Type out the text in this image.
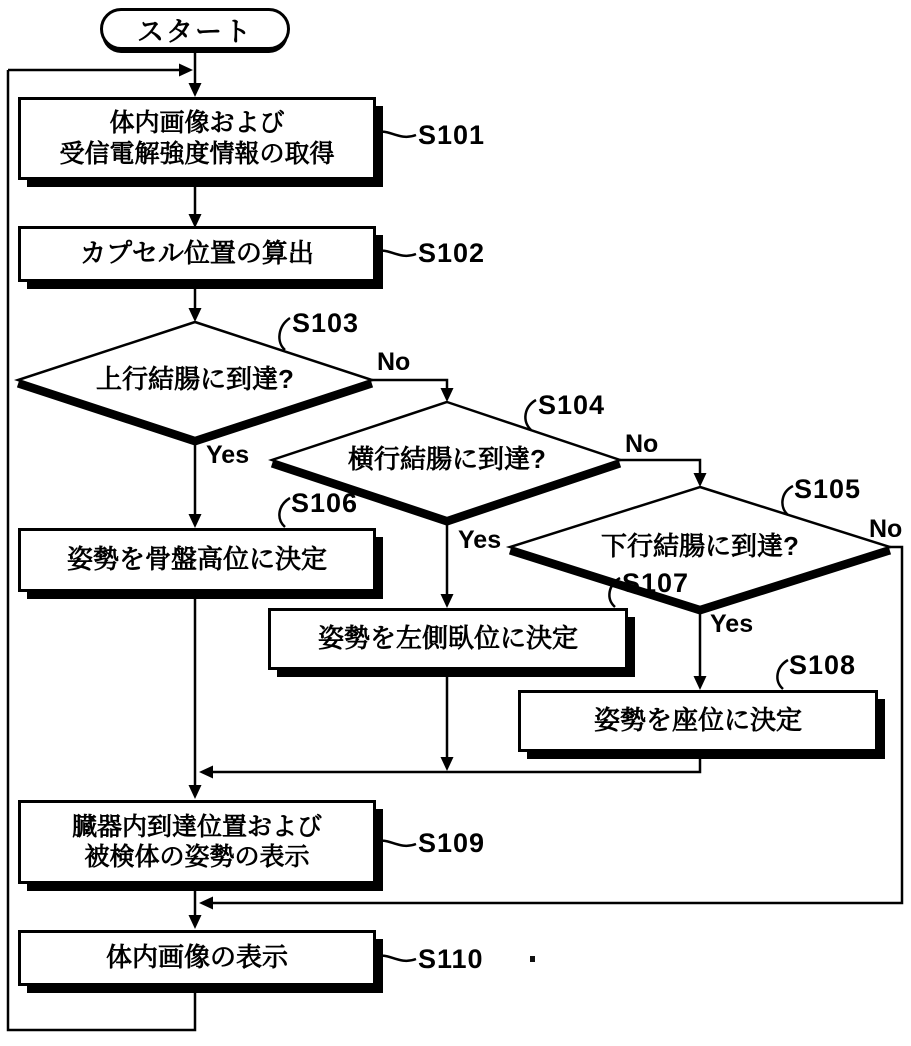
スタート
体内画像および
受信電解強度情報の取得
カプセル位置の算出
姿勢を骨盤高位に決定
姿勢を左側臥位に決定
姿勢を座位に決定
臓器内到達位置および
被検体の姿勢の表示
体内画像の表示
上行結腸に到達?
横行結腸に到達?
下行結腸に到達?
S101
S102
S103
S104
S105
S106
S107
S108
S109
S110
No
Yes	No
Yes	No
Yes
